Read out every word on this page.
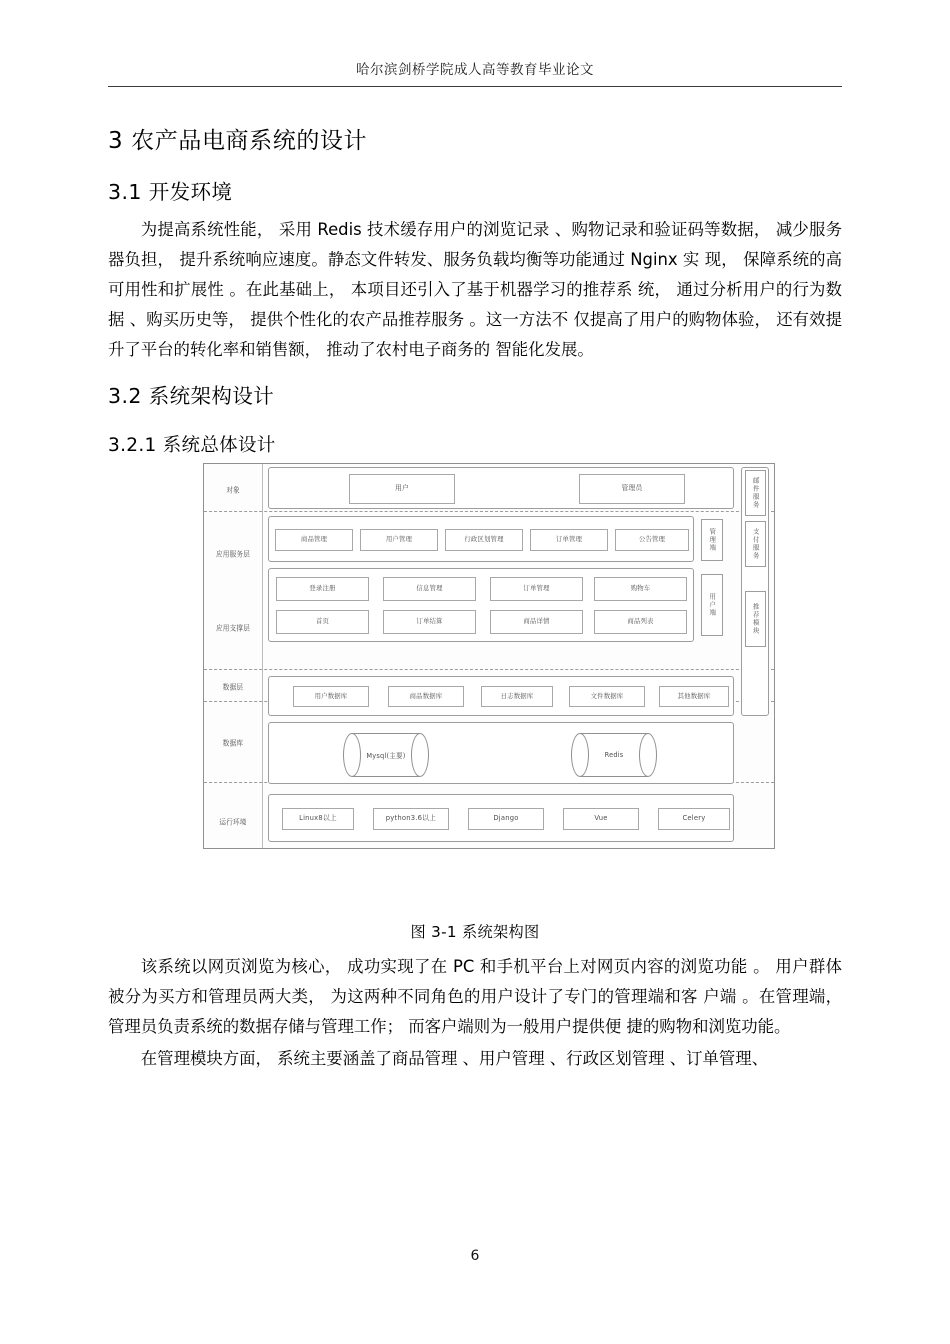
哈尔滨剑桥学院成人高等教育毕业论文
3 农产品电商系统的设计
3.1 开发环境

为提高系统性能， 采用 Redis 技术缓存用户的浏览记录 、购物记录和验证码等数据， 减少服务器负担， 提升系统响应速度。静态文件转发、服务负载均衡等功能通过 Nginx 实 现， 保障系统的高可用性和扩展性 。在此基础上， 本项目还引入了基于机器学习的推荐系 统， 通过分析用户的行为数据 、购买历史等， 提供个性化的农产品推荐服务 。这一方法不 仅提高了用户的购物体验， 还有效提升了平台的转化率和销售额， 推动了农村电子商务的 智能化发展。

3.2 系统架构设计
3.2.1 系统总体设计
对象
应用服务层
应用支撑层
数据层
数据库
运行环境
用户	管理员
商品管理	用户管理	行政区划管理	订单管理	公告管理
登录注册	信息管理	订单管理	购物车
首页	订单结算	商品详情	商品列表
管理端
用户端
用户数据库	商品数据库	日志数据库	文件数据库	其他数据库
Mysql(主要)	Redis
Linux8以上	python3.6以上	Django	Vue	Celery
邮件服务
支付服务
推荐模块

图 3-1 系统架构图

该系统以网页浏览为核心， 成功实现了在 PC 和手机平台上对网页内容的浏览功能 。 用户群体被分为买方和管理员两大类， 为这两种不同角色的用户设计了专门的管理端和客 户端 。在管理端， 管理员负责系统的数据存储与管理工作； 而客户端则为一般用户提供便 捷的购物和浏览功能。

在管理模块方面， 系统主要涵盖了商品管理 、用户管理 、行政区划管理 、订单管理、

6
